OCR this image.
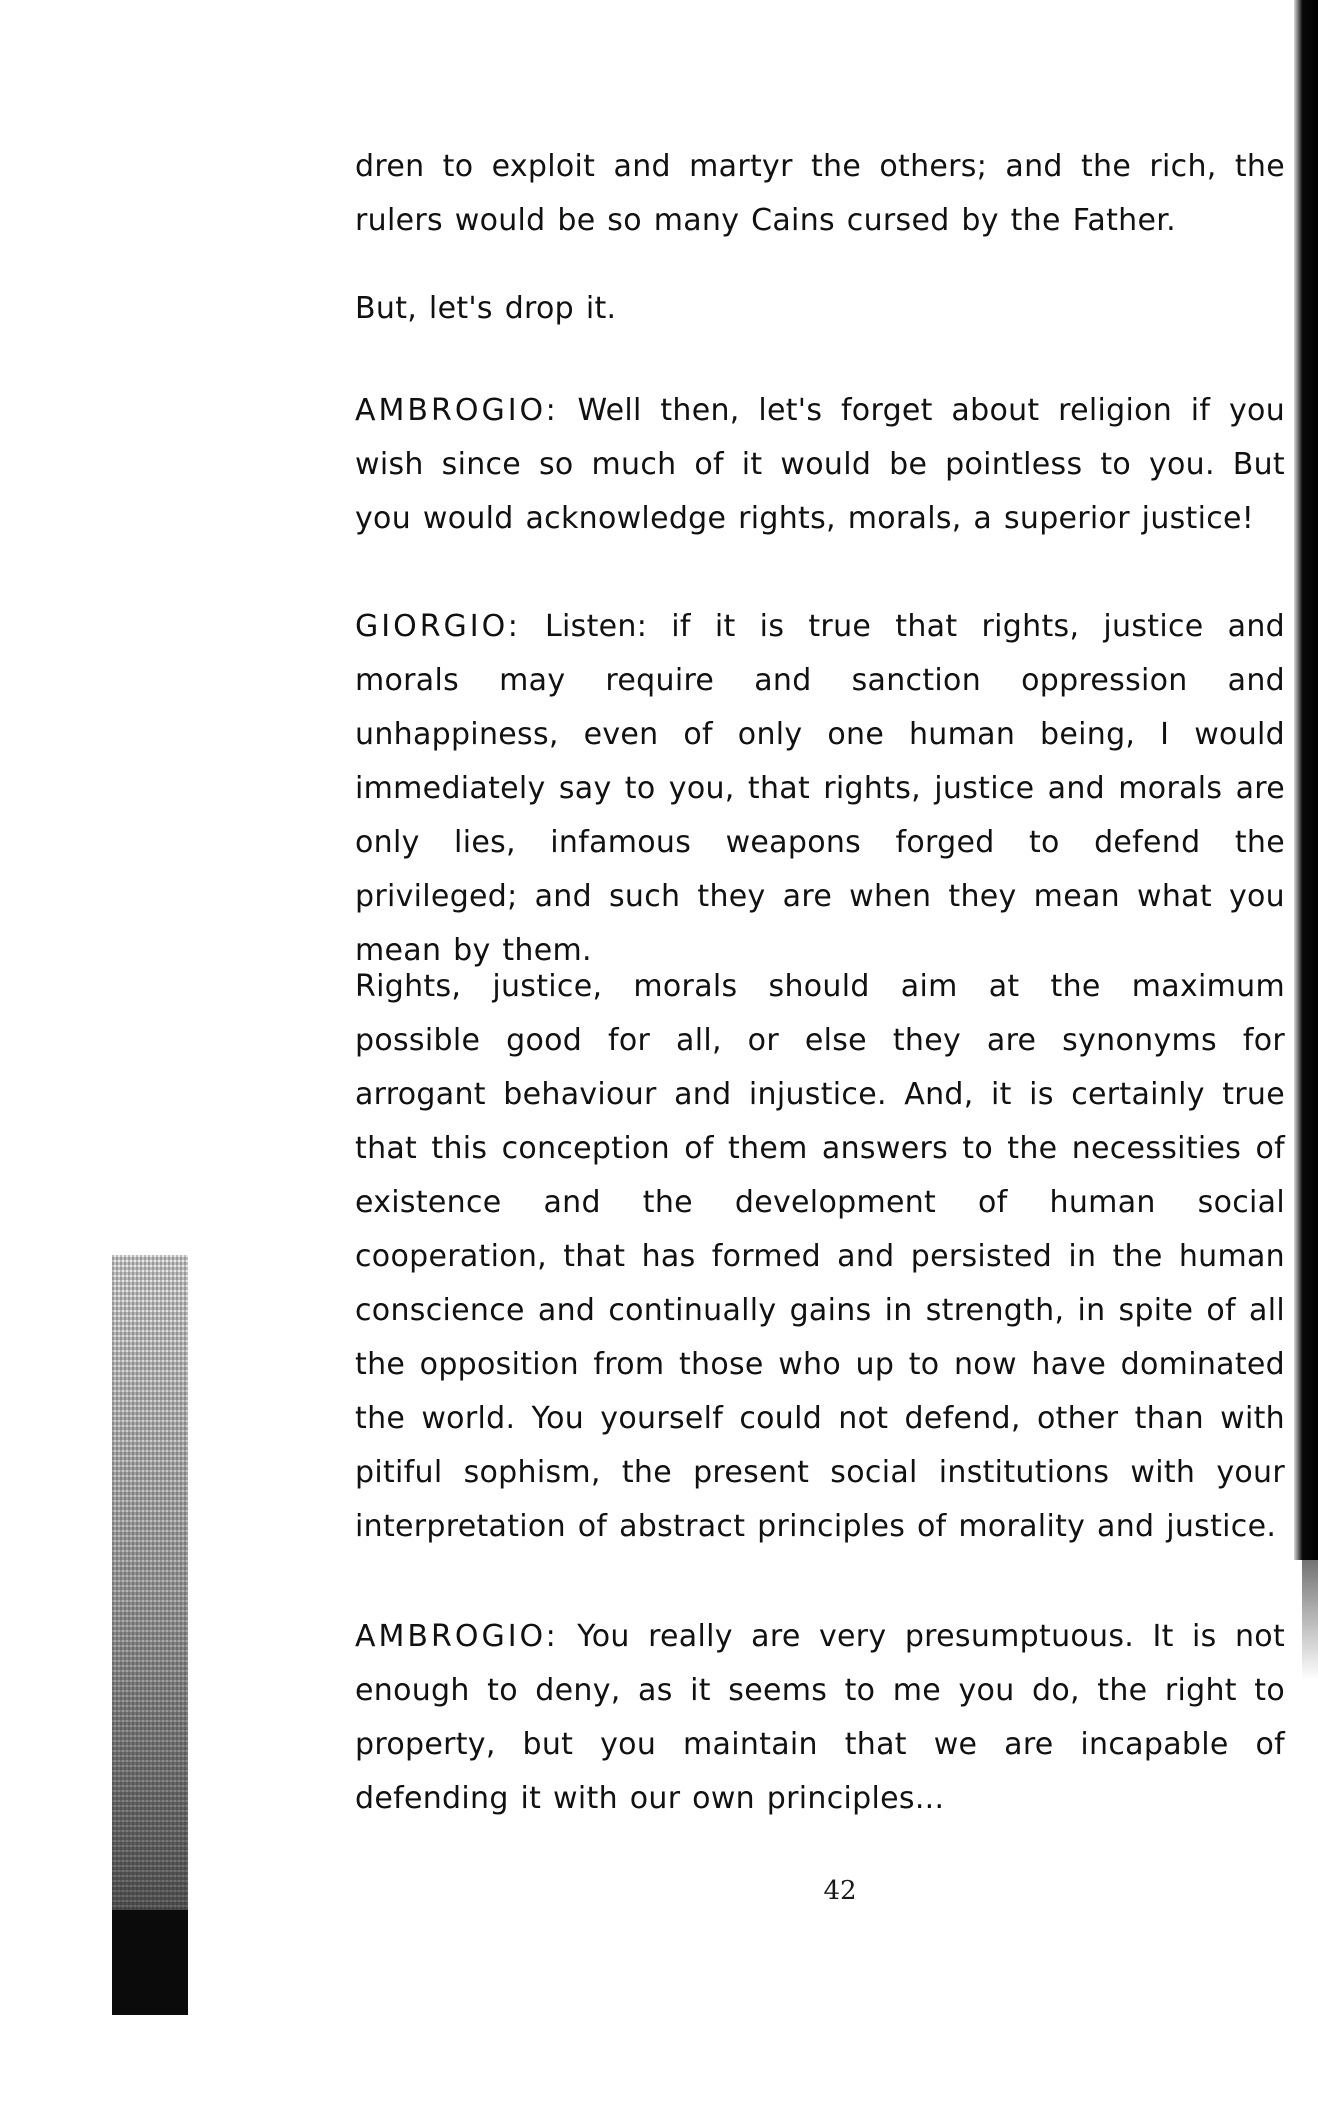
dren to exploit and martyr the others; and the rich, the rulers would be so many Cains cursed by the Father.

But, let's drop it.

AMBROGIO: Well then, let's forget about religion if you wish since so much of it would be pointless to you. But you would acknowledge rights, morals, a superior justice!

GIORGIO: Listen: if it is true that rights, justice and morals may require and sanction oppression and unhappiness, even of only one human being, I would immediately say to you, that rights, justice and morals are only lies, infamous weapons forged to defend the privileged; and such they are when they mean what you mean by them.

Rights, justice, morals should aim at the maximum possible good for all, or else they are synonyms for arrogant behaviour and injustice. And, it is certainly true that this conception of them answers to the necessities of existence and the development of human social cooperation, that has formed and persisted in the human conscience and continually gains in strength, in spite of all the opposition from those who up to now have dominated the world. You yourself could not defend, other than with pitiful sophism, the present social institutions with your interpretation of abstract principles of morality and justice.

AMBROGIO: You really are very presumptuous. It is not enough to deny, as it seems to me you do, the right to property, but you maintain that we are incapable of defending it with our own principles...

42
